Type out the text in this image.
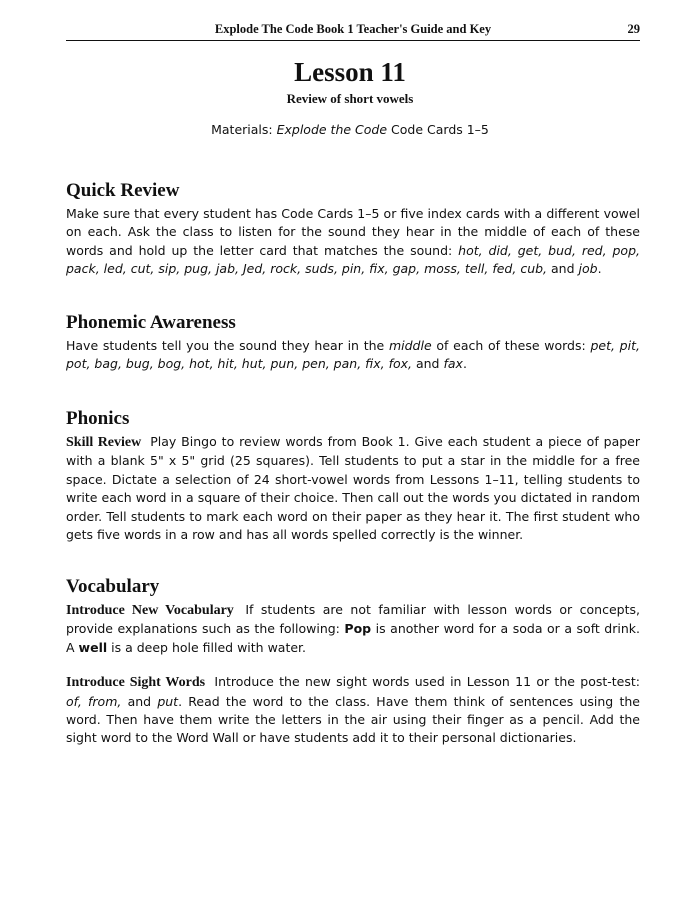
Explode The Code Book 1 Teacher's Guide and Key	29
Lesson 11
Review of short vowels
Materials: Explode the Code Code Cards 1–5
Quick Review

Make sure that every student has Code Cards 1–5 or five index cards with a different vowel on each. Ask the class to listen for the sound they hear in the middle of each of these words and hold up the letter card that matches the sound: hot, did, get, bud, red, pop, pack, led, cut, sip, pug, jab, Jed, rock, suds, pin, fix, gap, moss, tell, fed, cub, and job.

Phonemic Awareness

Have students tell you the sound they hear in the middle of each of these words: pet, pit, pot, bag, bug, bog, hot, hit, hut, pun, pen, pan, fix, fox, and fax.

Phonics

Skill Review Play Bingo to review words from Book 1. Give each student a piece of paper with a blank 5" x 5" grid (25 squares). Tell students to put a star in the middle for a free space. Dictate a selection of 24 short-vowel words from Lessons 1–11, telling students to write each word in a square of their choice. Then call out the words you dictated in random order. Tell students to mark each word on their paper as they hear it. The first student who gets five words in a row and has all words spelled correctly is the winner.

Vocabulary

Introduce New Vocabulary If students are not familiar with lesson words or concepts, provide explanations such as the following: Pop is another word for a soda or a soft drink. A well is a deep hole filled with water.

Introduce Sight Words Introduce the new sight words used in Lesson 11 or the post-test: of, from, and put. Read the word to the class. Have them think of sentences using the word. Then have them write the letters in the air using their finger as a pencil. Add the sight word to the Word Wall or have students add it to their personal dictionaries.
